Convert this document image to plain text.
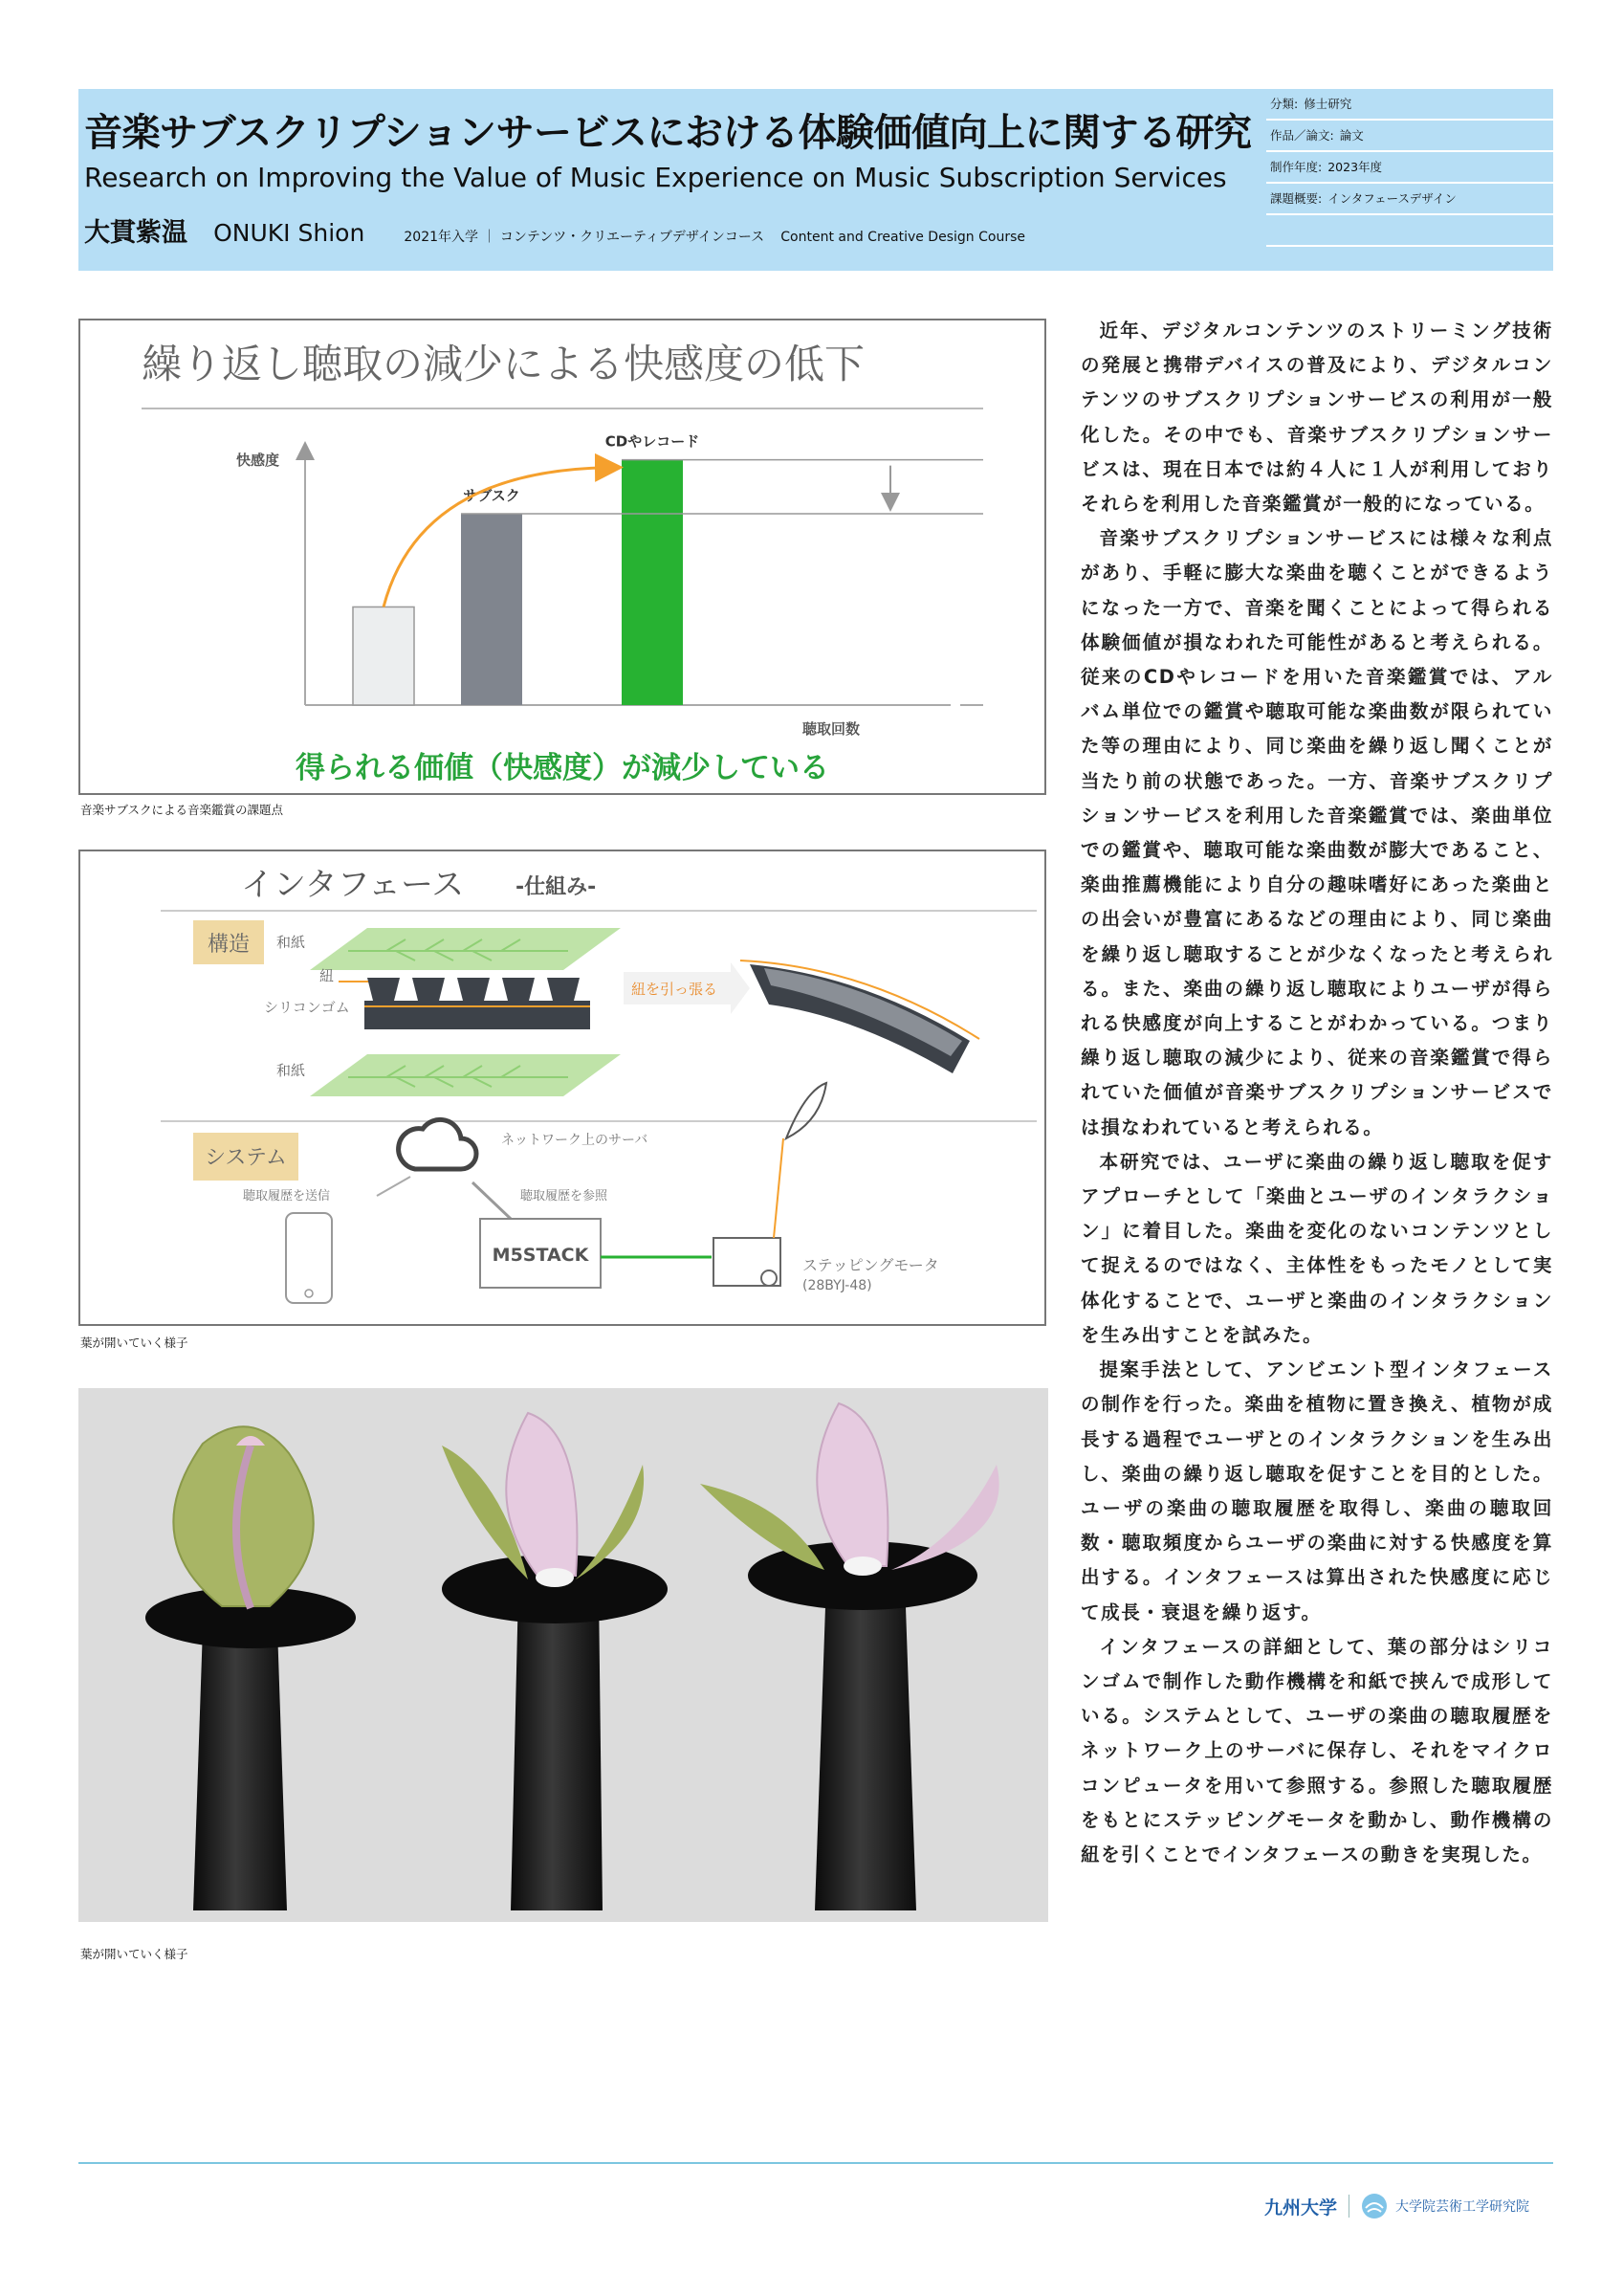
音楽サブスクリプションサービスにおける体験価値向上に関する研究
Research on Improving the Value of Music Experience on Music Subscription Services
大貫紫温 ONUKI Shion	2021年入学 ｜ コンテンツ・クリエーティブデザインコース Content and Creative Design Course
分類: 修士研究
作品／論文: 論文
制作年度: 2023年度
課題概要: インタフェースデザイン
繰り返し聴取の減少による快感度の低下
快感度
聴取回数
サブスク
CDやレコード
得られる価値（快感度）が減少している
音楽サブスクによる音楽鑑賞の課題点
インタフェース -仕組み-
構造 和紙
紐
シリコンゴム
和紙
紐を引っ張る
システム
ネットワーク上のサーバ
聴取履歴を送信	聴取履歴を参照
M5STACK	ステッピングモータ
(28BYJ-48)
葉が開いていく様子
葉が開いていく様子

近年、デジタルコンテンツのストリーミング技術の発展と携帯デバイスの普及により、デジタルコンテンツのサブスクリプションサービスの利用が一般化した。その中でも、音楽サブスクリプションサービスは、現在日本では約４人に１人が利用しておりそれらを利用した音楽鑑賞が一般的になっている。

音楽サブスクリプションサービスには様々な利点があり、手軽に膨大な楽曲を聴くことができるようになった一方で、音楽を聞くことによって得られる体験価値が損なわれた可能性があると考えられる。従来のCDやレコードを用いた音楽鑑賞では、アルバム単位での鑑賞や聴取可能な楽曲数が限られていた等の理由により、同じ楽曲を繰り返し聞くことが当たり前の状態であった。一方、音楽サブスクリプションサービスを利用した音楽鑑賞では、楽曲単位での鑑賞や、聴取可能な楽曲数が膨大であること、楽曲推薦機能により自分の趣味嗜好にあった楽曲との出会いが豊富にあるなどの理由により、同じ楽曲を繰り返し聴取することが少なくなったと考えられる。また、楽曲の繰り返し聴取によりユーザが得られる快感度が向上することがわかっている。つまり繰り返し聴取の減少により、従来の音楽鑑賞で得られていた価値が音楽サブスクリプションサービスでは損なわれていると考えられる。

本研究では、ユーザに楽曲の繰り返し聴取を促すアプローチとして「楽曲とユーザのインタラクション」に着目した。楽曲を変化のないコンテンツとして捉えるのではなく、主体性をもったモノとして実体化することで、ユーザと楽曲のインタラクションを生み出すことを試みた。

提案手法として、アンビエント型インタフェースの制作を行った。楽曲を植物に置き換え、植物が成長する過程でユーザとのインタラクションを生み出し、楽曲の繰り返し聴取を促すことを目的とした。ユーザの楽曲の聴取履歴を取得し、楽曲の聴取回数・聴取頻度からユーザの楽曲に対する快感度を算出する。インタフェースは算出された快感度に応じて成長・衰退を繰り返す。

インタフェースの詳細として、葉の部分はシリコンゴムで制作した動作機構を和紙で挟んで成形している。システムとして、ユーザの楽曲の聴取履歴をネットワーク上のサーバに保存し、それをマイクロコンピュータを用いて参照する。参照した聴取履歴をもとにステッピングモータを動かし、動作機構の紐を引くことでインタフェースの動きを実現した。

九州大学	大学院芸術工学研究院
